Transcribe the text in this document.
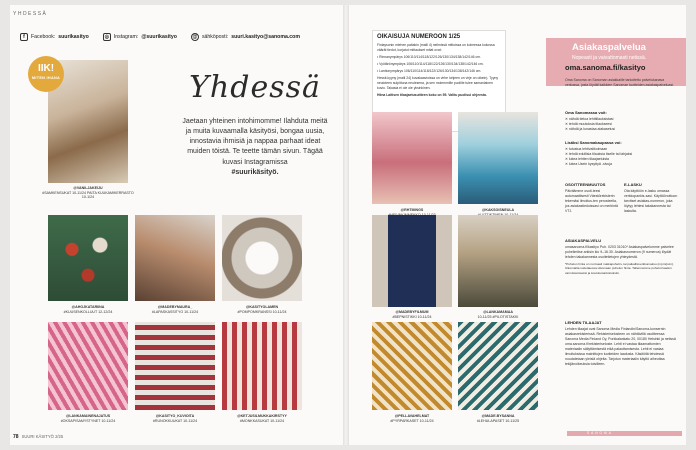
YHDESSÄ
f	Facebook: suurikasityo	◎ Instagram: @suurikasityo	@ sähköposti: suuri.kasityo@sanoma.com
@VANILJAKEIJU
#SAMKENSUKAT 10-11/24 PAITA KUUKAMIKERRASTO 10-1/24
IIK!
MITEN IHANA	Yhdessä
Jaetaan yhteinen intohimomme! Ilahduta meitä ja muita kuvaamalla käsityösi, bongaa uusia, innostavia ihmisiä ja nappaa parhaat ideat muiden töistä. Te teette tämän sivun. Tägää kuvasi Instagramissa
#suurikäsityö.
@AHOJKATARIINA
#KUUSENKOLLUUT 12-12/24
@MADEBYMAURA_
#LAPASKASSITYO 10-11/24
@KASITYOLAMEN
#POMPOMKRANSSI 10-11/24
@LANKAMAINENAJATUS
#OKSAPISAMYSTYNET 10-11/24
@KASITYO_KUVIOITA
#RUNOKKUUKAT 10-11/24
@KETJUSILMUKKAKIRSTYY
#MONKKASUKAT 10-11/24
78 SUURI KÄSITYÖ 2/25
OIKAISUJA NUMEROON 1/25

Finlaysonin miehen paitakin (malli 4) neilmissä mittoissa on kolmessa kokossa väärät tiedot, korjatut mittaukset mitat ovat:

• Rinnanympärys 106/110/114/118/122/126/130/134/138/142/146 cm.

• Vyötärönympärys 106/110/114/118/122/126/130/134/138/142/146 cm.

• Lantionympärys 106/110/114/118/122/126/130/134/138/142/146 cm.

Hessit-kyyny (malli 24) kuvakaavioissa on virhe lohjeen on virje on oikein). Tyyny neuloteen sulpittuna neulesena, ja sen molemmille puolille tulee samanlainen kuvio. Takasia ei ole ole yksinkinen.

Hiina Laitisen tilaajaetusuitteen koko on 59. Valitu puolisui ohjeesta.

@RHTMINGS	@KAKSOISNEULA
@MADEBYFILMUM
#BEPNISTIKKI 10-11/24
@LANKAMAMAA
10-11/25 #PILOTISTAKKI
@PELLAVAHELMAT
#PYRPARKASET 10-11/24
@MADE.BYSANNA
#LEHULAPASET 10-11/25
Asiakaspalvelua
Nopeasti ja vaivattomasti netissä.
oma.sanoma.fi/kasityo
Oma Sanoma on Sanoman asiakkaille tarkoitettu palvelukanava verkossa, josta löydät kaikkien Sanoman tuotteiden asiakaspalveluasi.
Oma Sanomassa voit:
✕ nähdä tietoa lehtitilauksistasi
✕ tehdä muutoksia tilaukseesi
✕ nähdä ja lunastaa aiakasetusi
Lisäksi Sanomakaupassa voi:
✕ tutustua lehtivalikoimaan
✕ tehdä edullisia tilauksia itselle tai lahjaksi
✕ lukea lehtien tilaajaetuista
✕ lukea Usein kysyttyä -sivuja
OSOITTEENMUUTOS
Päivitämme osoit-teesi automaattisesti Väestörekisterin tekemäsi ilmoitus-ten perusteella, jos asiakastiedoissasi on merkintä VTJ.
E-LASKU
Ota käyttöön e-lasku omassa verkkopankis-sasi. Käyttöönottoon tarvitset asiakas-numeron, joka löytyy lehtesi takakannesta tai laskulta.
ASIAKASPALVELU
omasanoma.fi/kasityo Puh. 0203 31010* Asiakaspalvelumme palvelee puhelimitse arkisin klo 9–16.30. Asiakasnumeron (9 numeroa) löydät lehden takakannesta osoitetietojen yhteydestä.
*Puhelun hinta on normaali matkapuhelin- tai paikallisverkkomaksu (mpm/pvm). Ulkomailta soitettaessa ulkomaan puhelun hinta. Tallennamme puhelut laadun varmistamiseksi ja koulutustarkoituksiin.
LEHDEN TILAAJAT
Lehden tilaajat ovat Sanoma Media Finlandin/Sanoma-konsernin asiakasrekisterissä. Rekisteriselosteen on nähtävillä osoitteessa Sanoma Media Finland Oy, Porkkalankatu 20, 00180 Helsinki ja netissä oma.sanoma.fi/rekisteriseloste. Lehti ei vastaa tilaamattomien materiaalin säilyttämisestä eikä palauttamisesta. Lehti ei vastaa ilmoituksissa mainittujen tuotteiden laadusta. Käsitöitä tehdessä noudatetaan yleisiä ohjeita. Tarjotun materiaalin käyttö aiheuttaa tekijänoikeuksia toisilleen.
SANOMA
